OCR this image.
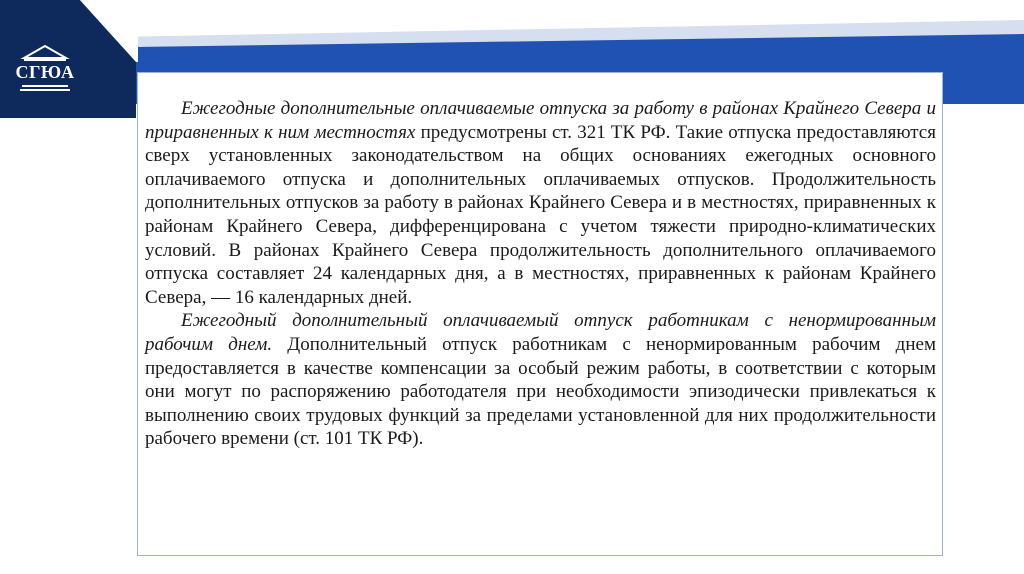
СГЮА

Ежегодные дополнительные оплачиваемые отпуска за работу в районах Крайнего Севера и приравненных к ним местностях предусмотрены ст. 321 ТК РФ. Такие отпуска предоставляются сверх установленных законодательством на общих основаниях ежегодных основного оплачиваемого отпуска и дополнительных оплачиваемых отпусков. Продолжительность дополнительных отпусков за работу в районах Крайнего Севера и в местностях, приравненных к районам Крайнего Севера, дифференцирована с учетом тяжести природно-климатических условий. В районах Крайнего Севера продолжительность дополнительного оплачиваемого отпуска составляет 24 календарных дня, а в местностях, приравненных к районам Крайнего Севера, — 16 календарных дней.

Ежегодный дополнительный оплачиваемый отпуск работникам с ненормированным рабочим днем. Дополнительный отпуск работникам с ненормированным рабочим днем предоставляется в качестве компенсации за особый режим работы, в соответствии с которым они могут по распоряжению работодателя при необходимости эпизодически привлекаться к выполнению своих трудовых функций за пределами установленной для них продолжительности рабочего времени (ст. 101 ТК РФ).
